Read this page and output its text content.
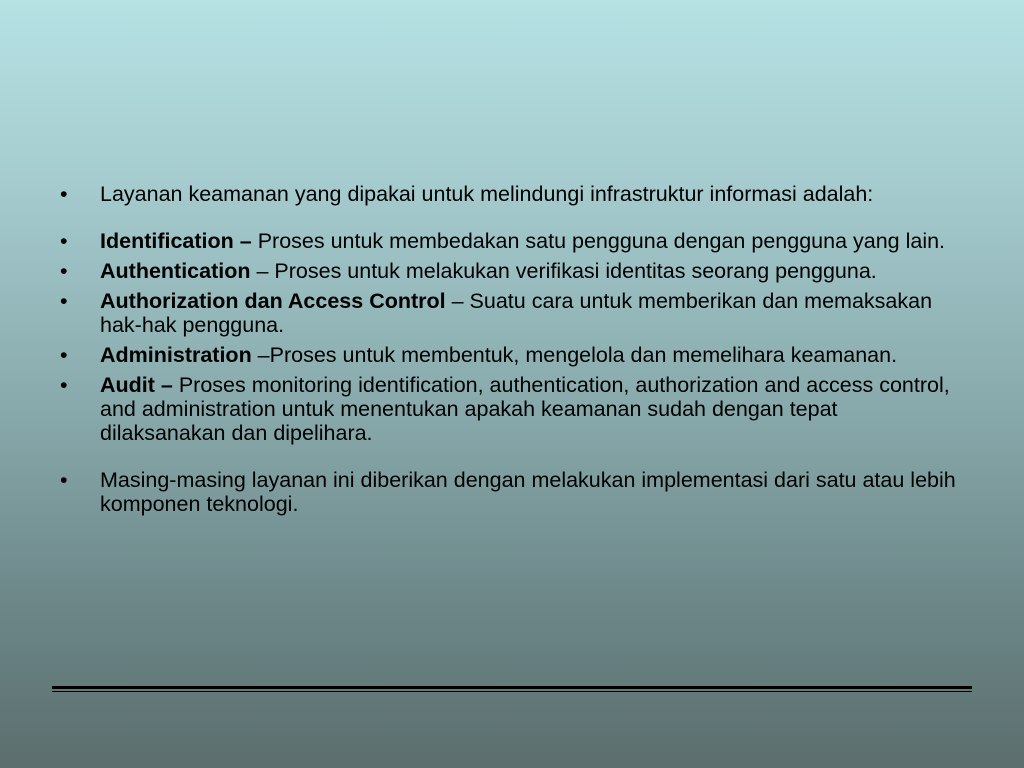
• Layanan keamanan yang dipakai untuk melindungi infrastruktur informasi adalah:
• Identification – Proses untuk membedakan satu pengguna dengan pengguna yang lain.
• Authentication – Proses untuk melakukan verifikasi identitas seorang pengguna.
• Authorization dan Access Control – Suatu cara untuk memberikan dan memaksakan hak-hak pengguna.
• Administration –Proses untuk membentuk, mengelola dan memelihara keamanan.
• Audit – Proses monitoring identification, authentication, authorization and access control, and administration untuk menentukan apakah keamanan sudah dengan tepat dilaksanakan dan dipelihara.
• Masing-masing layanan ini diberikan dengan melakukan implementasi dari satu atau lebih komponen teknologi.
